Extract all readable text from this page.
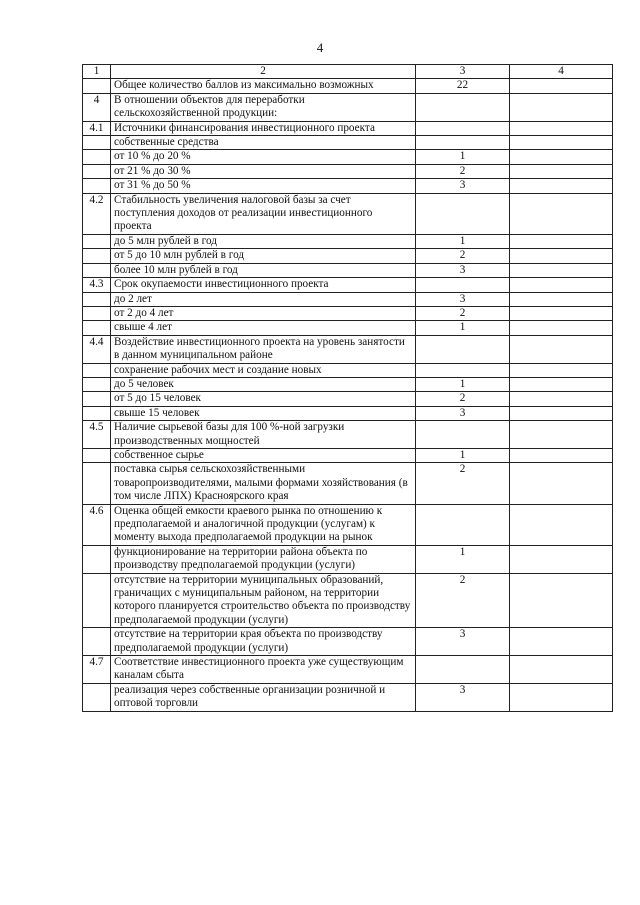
4
1	2	3	4
	Общее количество баллов из максимально возможных	22	
4	В отношении объектов для переработки сельскохозяйственной продукции:		
4.1	Источники финансирования инвестиционного проекта		
	собственные средства		
	от 10 % до 20 %	1	
	от 21 % до 30 %	2	
	от 31 % до 50 %	3	
4.2	Стабильность увеличения налоговой базы за счет поступления доходов от реализации инвестиционного проекта		
	до 5 млн рублей в год	1	
	от 5 до 10 млн рублей в год	2	
	более 10 млн рублей в год	3	
4.3	Срок окупаемости инвестиционного проекта		
	до 2 лет	3	
	от 2 до 4 лет	2	
	свыше 4 лет	1	
4.4	Воздействие инвестиционного проекта на уровень занятости в данном муниципальном районе		
	сохранение рабочих мест и создание новых		
	до 5 человек	1	
	от 5 до 15 человек	2	
	свыше 15 человек	3	
4.5	Наличие сырьевой базы для 100 %-ной загрузки производственных мощностей		
	собственное сырье	1	
	поставка сырья сельскохозяйственными товаропроизводителями, малыми формами хозяйствования (в том числе ЛПХ) Красноярского края	2	
4.6	Оценка общей емкости краевого рынка по отношению к предполагаемой и аналогичной продукции (услугам) к моменту выхода предполагаемой продукции на рынок		
	функционирование на территории района объекта по производству предполагаемой продукции (услуги)	1	
	отсутствие на территории муниципальных образований, граничащих с муниципальным районом, на территории которого планируется строительство объекта по производству предполагаемой продукции (услуги)	2	
	отсутствие на территории края объекта по производству предполагаемой продукции (услуги)	3	
4.7	Соответствие инвестиционного проекта уже существующим каналам сбыта		
	реализация через собственные организации розничной и оптовой торговли	3	
